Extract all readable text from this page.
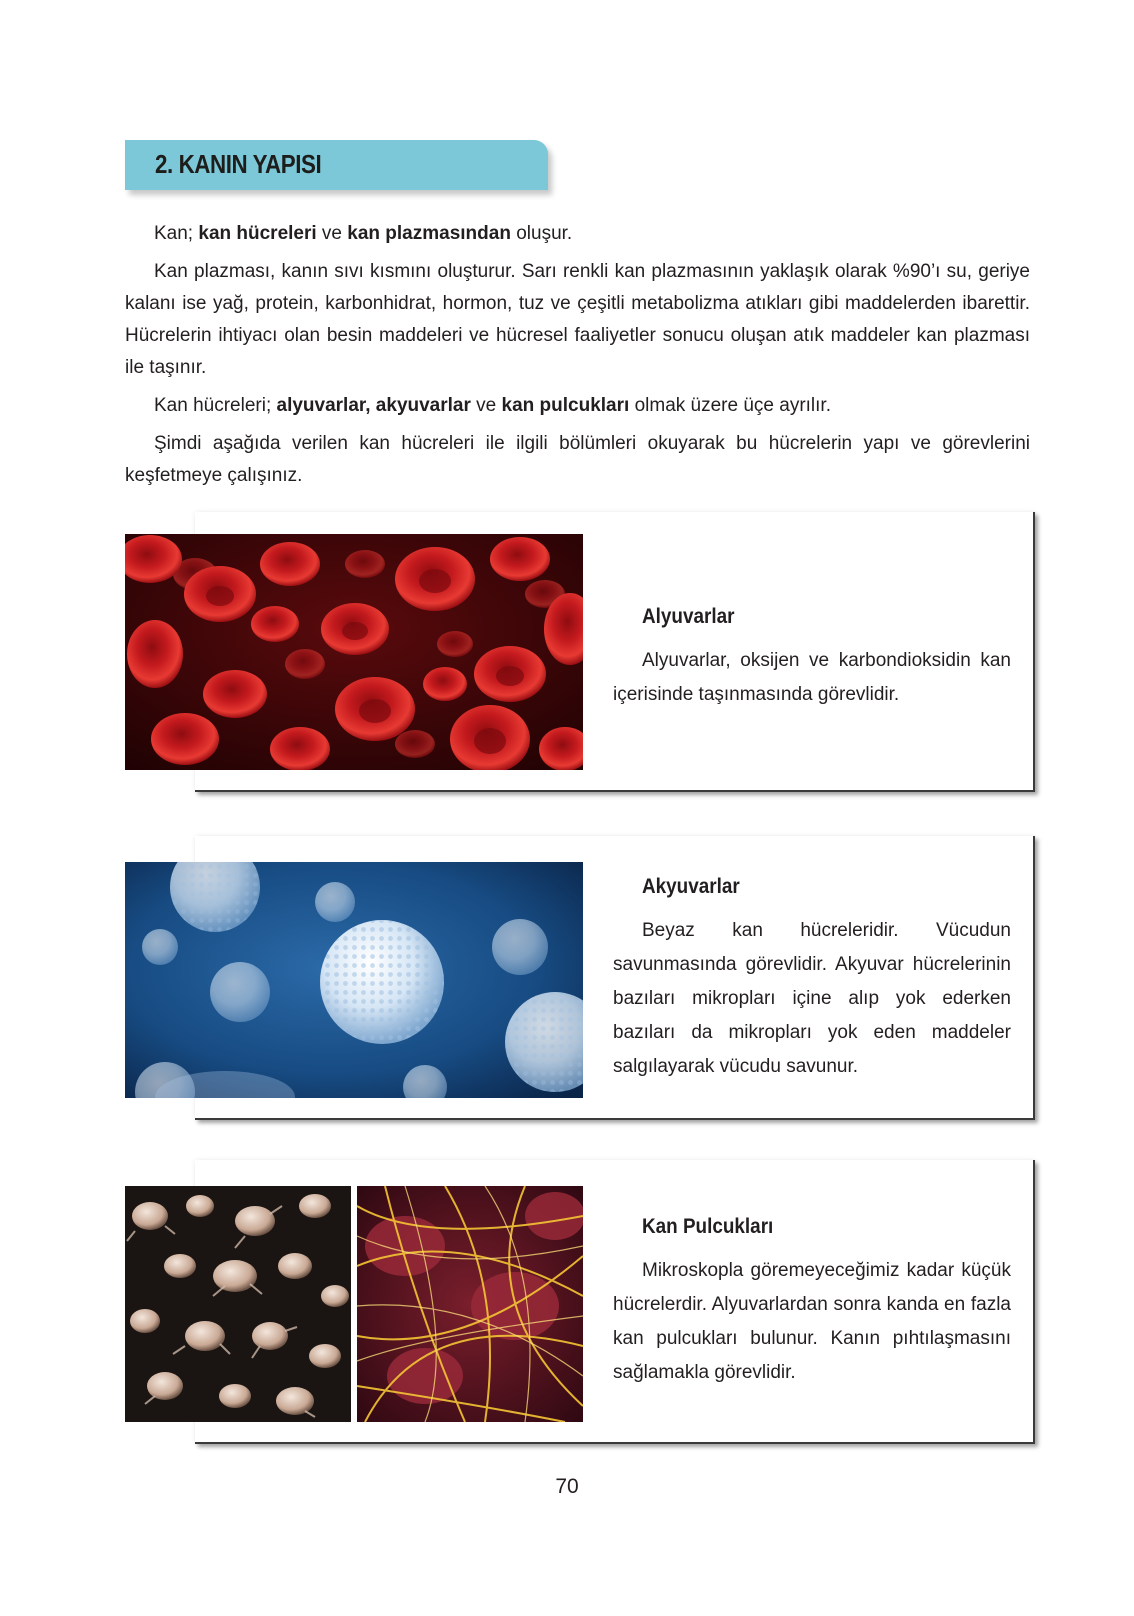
2. KANIN YAPISI

Kan; kan hücreleri ve kan plazmasından oluşur.

Kan plazması, kanın sıvı kısmını oluşturur. Sarı renkli kan plazmasının yaklaşık olarak %90’ı su, geriye kalanı ise yağ, protein, karbonhidrat, hormon, tuz ve çeşitli metabolizma atıkları gibi maddelerden ibarettir. Hücrelerin ihtiyacı olan besin maddeleri ve hücresel faaliyetler sonucu oluşan atık maddeler kan plazması ile taşınır.

Kan hücreleri; alyuvarlar, akyuvarlar ve kan pulcukları olmak üzere üçe ayrılır.

Şimdi aşağıda verilen kan hücreleri ile ilgili bölümleri okuyarak bu hücrelerin yapı ve görevlerini keşfetmeye çalışınız.

Alyuvarlar

Alyuvarlar, oksijen ve karbondioksidin kan içerisinde taşınmasında görevlidir.

Akyuvarlar

Beyaz kan hücreleridir. Vücudun savunmasında görevlidir. Akyuvar hücrelerinin bazıları mikropları içine alıp yok ederken bazıları da mikropları yok eden maddeler salgılayarak vücudu savunur.

Kan Pulcukları

Mikroskopla göremeyeceğimiz kadar küçük hücrelerdir. Alyuvarlardan sonra kanda en fazla kan pulcukları bulunur. Kanın pıhtılaşmasını sağlamakla görevlidir.

70
